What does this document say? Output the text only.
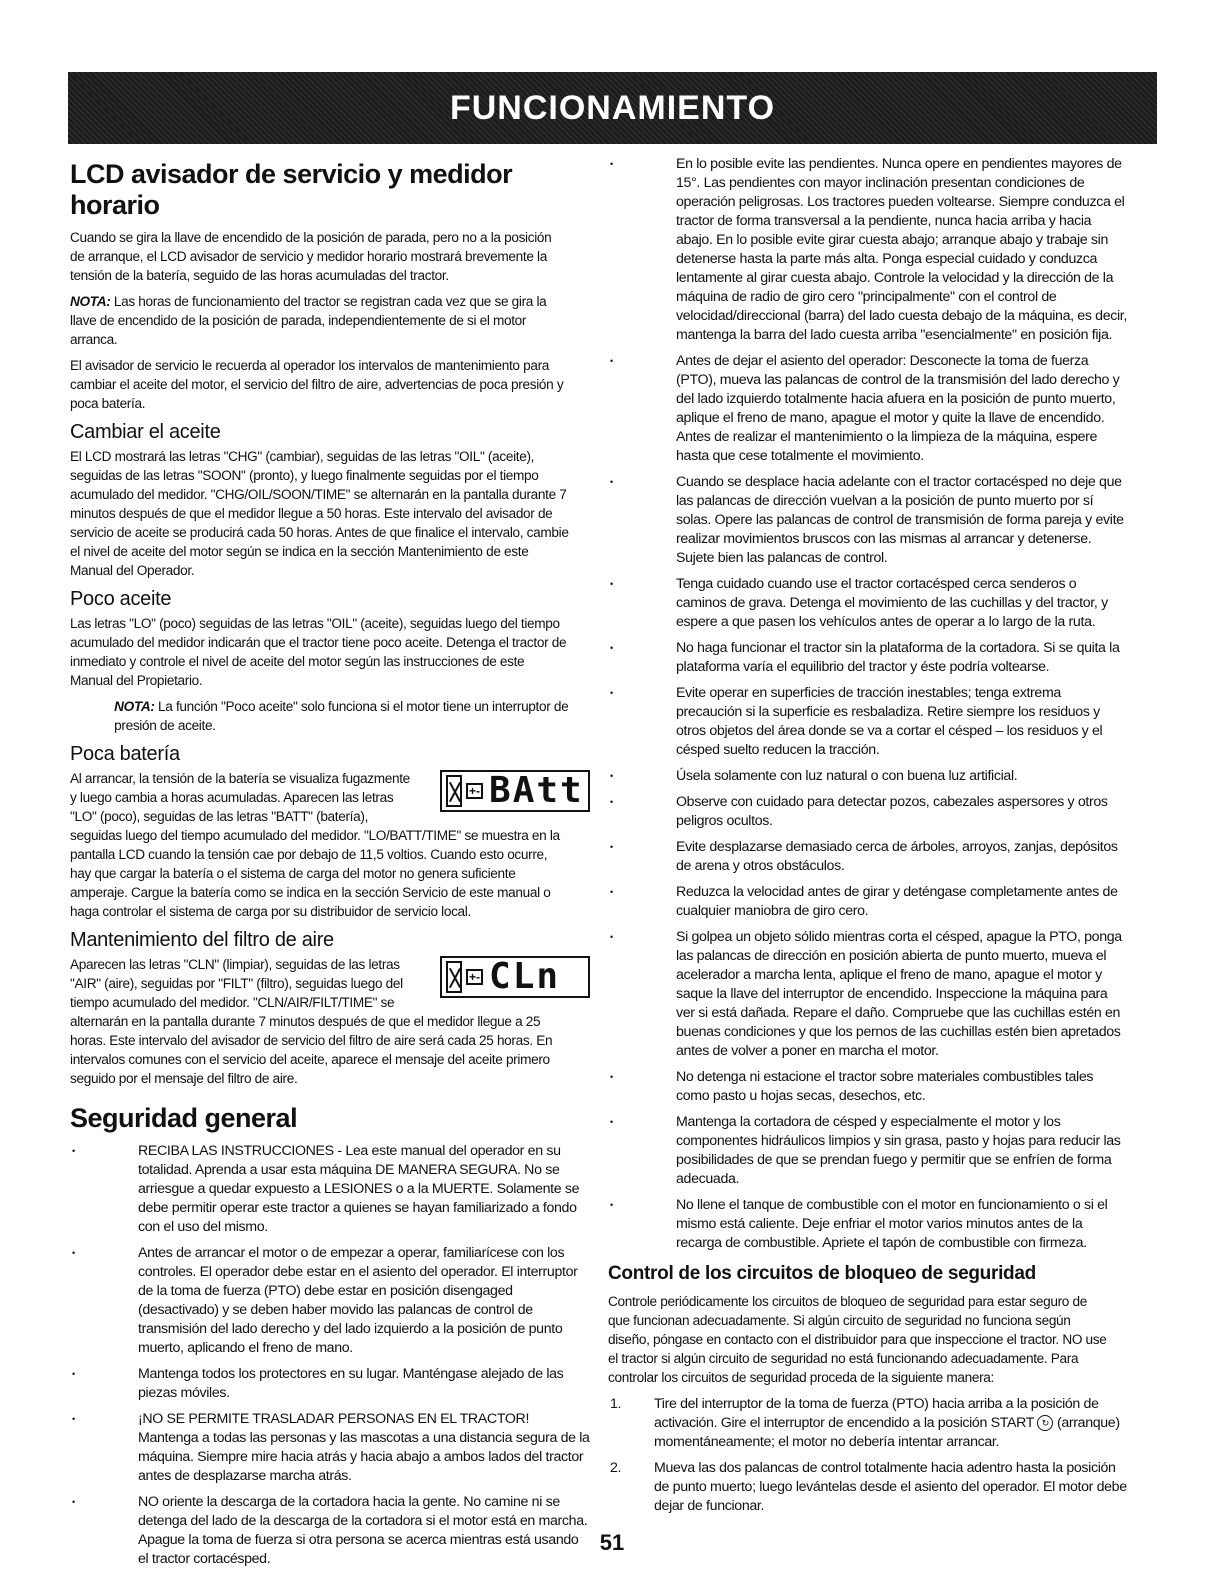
FUNCIONAMIENTO
LCD avisador de servicio y medidor horario

Cuando se gira la llave de encendido de la posición de parada, pero no a la posición de arranque, el LCD avisador de servicio y medidor horario mostrará brevemente la tensión de la batería, seguido de las horas acumuladas del tractor.

NOTA: Las horas de funcionamiento del tractor se registran cada vez que se gira la llave de encendido de la posición de parada, independientemente de si el motor arranca.

El avisador de servicio le recuerda al operador los intervalos de mantenimiento para cambiar el aceite del motor, el servicio del filtro de aire, advertencias de poca presión y poca batería.

Cambiar el aceite

El LCD mostrará las letras "CHG" (cambiar), seguidas de las letras "OIL" (aceite), seguidas de las letras "SOON" (pronto), y luego finalmente seguidas por el tiempo acumulado del medidor. "CHG/OIL/SOON/TIME" se alternarán en la pantalla durante 7 minutos después de que el medidor llegue a 50 horas. Este intervalo del avisador de servicio de aceite se producirá cada 50 horas. Antes de que finalice el intervalo, cambie el nivel de aceite del motor según se indica en la sección Mantenimiento de este Manual del Operador.

Poco aceite

Las letras "LO" (poco) seguidas de las letras "OIL" (aceite), seguidas luego del tiempo acumulado del medidor indicarán que el tractor tiene poco aceite. Detenga el tractor de inmediato y controle el nivel de aceite del motor según las instrucciones de este Manual del Propietario.

NOTA: La función "Poco aceite" solo funciona si el motor tiene un interruptor de presión de aceite.

Poca batería
+- BAtt

Al arrancar, la tensión de la batería se visualiza fugazmente y luego cambia a horas acumuladas. Aparecen las letras "LO" (poco), seguidas de las letras "BATT" (batería), seguidas luego del tiempo acumulado del medidor. "LO/BATT/TIME" se muestra en la pantalla LCD cuando la tensión cae por debajo de 11,5 voltios. Cuando esto ocurre, hay que cargar la batería o el sistema de carga del motor no genera suficiente amperaje. Cargue la batería como se indica en la sección Servicio de este manual o haga controlar el sistema de carga por su distribuidor de servicio local.

Mantenimiento del filtro de aire
+- CLn

Aparecen las letras "CLN" (limpiar), seguidas de las letras "AIR" (aire), seguidas por "FILT" (filtro), seguidas luego del tiempo acumulado del medidor. "CLN/AIR/FILT/TIME" se alternarán en la pantalla durante 7 minutos después de que el medidor llegue a 25 horas. Este intervalo del avisador de servicio del filtro de aire será cada 25 horas. En intervalos comunes con el servicio del aceite, aparece el mensaje del aceite primero seguido por el mensaje del filtro de aire.

Seguridad general
• RECIBA LAS INSTRUCCIONES - Lea este manual del operador en su totalidad. Aprenda a usar esta máquina DE MANERA SEGURA. No se arriesgue a quedar expuesto a LESIONES o a la MUERTE. Solamente se debe permitir operar este tractor a quienes se hayan familiarizado a fondo con el uso del mismo.
• Antes de arrancar el motor o de empezar a operar, familiarícese con los controles. El operador debe estar en el asiento del operador. El interruptor de la toma de fuerza (PTO) debe estar en posición disengaged (desactivado) y se deben haber movido las palancas de control de transmisión del lado derecho y del lado izquierdo a la posición de punto muerto, aplicando el freno de mano.
• Mantenga todos los protectores en su lugar. Manténgase alejado de las piezas móviles.
• ¡NO SE PERMITE TRASLADAR PERSONAS EN EL TRACTOR! Mantenga a todas las personas y las mascotas a una distancia segura de la máquina. Siempre mire hacia atrás y hacia abajo a ambos lados del tractor antes de desplazarse marcha atrás.
• NO oriente la descarga de la cortadora hacia la gente. No camine ni se detenga del lado de la descarga de la cortadora si el motor está en marcha. Apague la toma de fuerza si otra persona se acerca mientras está usando el tractor cortacésped.
• En lo posible evite las pendientes. Nunca opere en pendientes mayores de 15°. Las pendientes con mayor inclinación presentan condiciones de operación peligrosas. Los tractores pueden voltearse. Siempre conduzca el tractor de forma transversal a la pendiente, nunca hacia arriba y hacia abajo. En lo posible evite girar cuesta abajo; arranque abajo y trabaje sin detenerse hasta la parte más alta. Ponga especial cuidado y conduzca lentamente al girar cuesta abajo. Controle la velocidad y la dirección de la máquina de radio de giro cero "principalmente" con el control de velocidad/direccional (barra) del lado cuesta debajo de la máquina, es decir, mantenga la barra del lado cuesta arriba "esencialmente" en posición fija.
• Antes de dejar el asiento del operador: Desconecte la toma de fuerza (PTO), mueva las palancas de control de la transmisión del lado derecho y del lado izquierdo totalmente hacia afuera en la posición de punto muerto, aplique el freno de mano, apague el motor y quite la llave de encendido. Antes de realizar el mantenimiento o la limpieza de la máquina, espere hasta que cese totalmente el movimiento.
• Cuando se desplace hacia adelante con el tractor cortacésped no deje que las palancas de dirección vuelvan a la posición de punto muerto por sí solas. Opere las palancas de control de transmisión de forma pareja y evite realizar movimientos bruscos con las mismas al arrancar y detenerse. Sujete bien las palancas de control.
• Tenga cuidado cuando use el tractor cortacésped cerca senderos o caminos de grava. Detenga el movimiento de las cuchillas y del tractor, y espere a que pasen los vehículos antes de operar a lo largo de la ruta.
• No haga funcionar el tractor sin la plataforma de la cortadora. Si se quita la plataforma varía el equilibrio del tractor y éste podría voltearse.
• Evite operar en superficies de tracción inestables; tenga extrema precaución si la superficie es resbaladiza. Retire siempre los residuos y otros objetos del área donde se va a cortar el césped – los residuos y el césped suelto reducen la tracción.
• Úsela solamente con luz natural o con buena luz artificial.
• Observe con cuidado para detectar pozos, cabezales aspersores y otros peligros ocultos.
• Evite desplazarse demasiado cerca de árboles, arroyos, zanjas, depósitos de arena y otros obstáculos.
• Reduzca la velocidad antes de girar y deténgase completamente antes de cualquier maniobra de giro cero.
• Si golpea un objeto sólido mientras corta el césped, apague la PTO, ponga las palancas de dirección en posición abierta de punto muerto, mueva el acelerador a marcha lenta, aplique el freno de mano, apague el motor y saque la llave del interruptor de encendido. Inspeccione la máquina para ver si está dañada. Repare el daño. Compruebe que las cuchillas estén en buenas condiciones y que los pernos de las cuchillas estén bien apretados antes de volver a poner en marcha el motor.
• No detenga ni estacione el tractor sobre materiales combustibles tales como pasto u hojas secas, desechos, etc.
• Mantenga la cortadora de césped y especialmente el motor y los componentes hidráulicos limpios y sin grasa, pasto y hojas para reducir las posibilidades de que se prendan fuego y permitir que se enfríen de forma adecuada.
• No llene el tanque de combustible con el motor en funcionamiento o si el mismo está caliente. Deje enfriar el motor varios minutos antes de la recarga de combustible. Apriete el tapón de combustible con firmeza.
Control de los circuitos de bloqueo de seguridad

Controle periódicamente los circuitos de bloqueo de seguridad para estar seguro de que funcionan adecuadamente. Si algún circuito de seguridad no funciona según diseño, póngase en contacto con el distribuidor para que inspeccione el tractor. NO use el tractor si algún circuito de seguridad no está funcionando adecuadamente. Para controlar los circuitos de seguridad proceda de la siguiente manera:

1. Tire del interruptor de la toma de fuerza (PTO) hacia arriba a la posición de activación. Gire el interruptor de encendido a la posición START ↻ (arranque) momentáneamente; el motor no debería intentar arrancar.
2. Mueva las dos palancas de control totalmente hacia adentro hasta la posición de punto muerto; luego levántelas desde el asiento del operador. El motor debe dejar de funcionar.
51
